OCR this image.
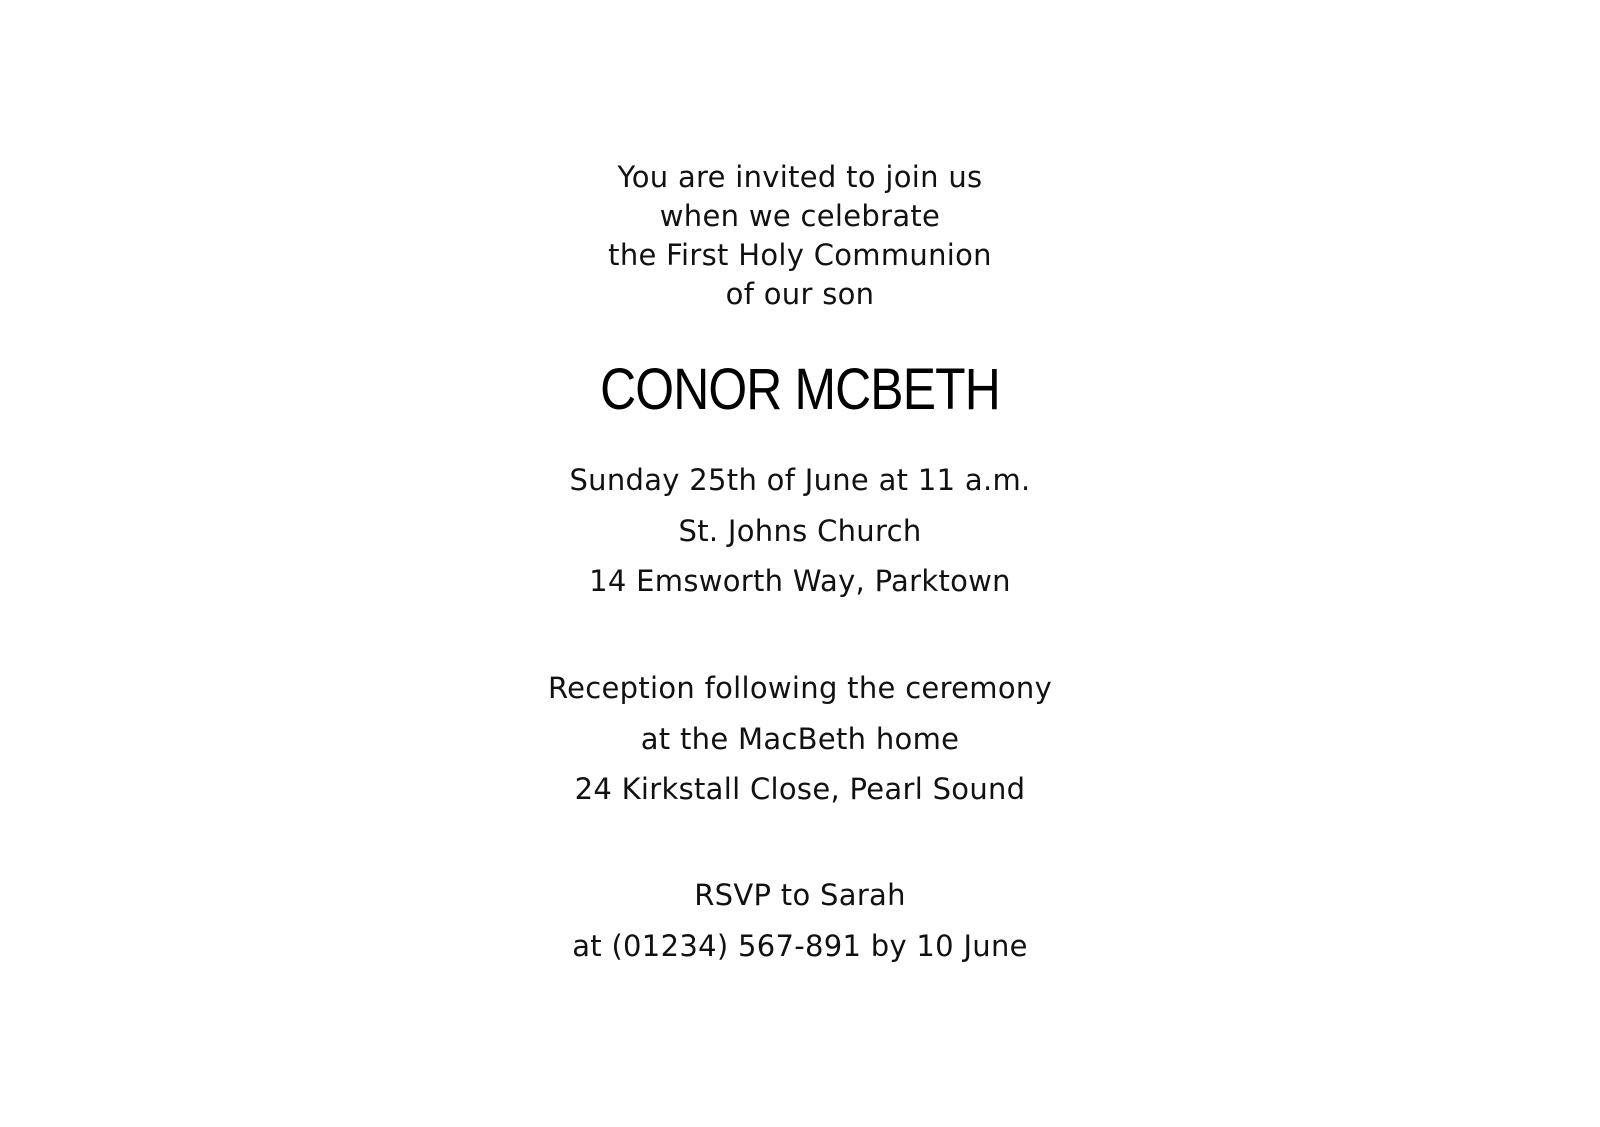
You are invited to join us
when we celebrate
the First Holy Communion
of our son
CONOR MCBETH
Sunday 25th of June at 11 a.m.
St. Johns Church
14 Emsworth Way, Parktown
Reception following the ceremony
at the MacBeth home
24 Kirkstall Close, Pearl Sound
RSVP to Sarah
at (01234) 567-891 by 10 June
